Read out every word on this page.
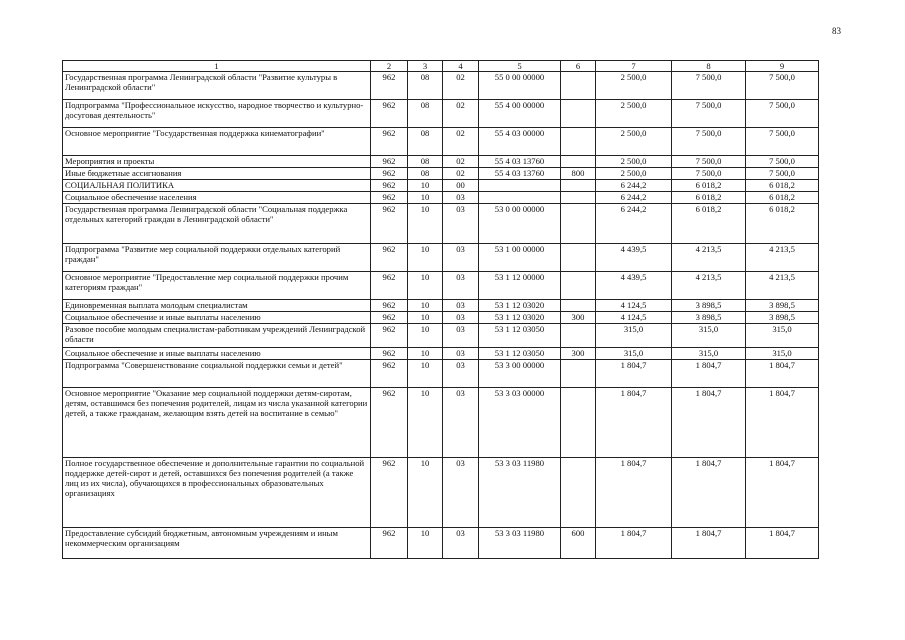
83
1	2	3	4	5	6	7	8	9
Государственная программа Ленинградской области "Развитие культуры в Ленинградской области"	962	08	02	55 0 00 00000		2 500,0	7 500,0	7 500,0
Подпрограмма "Профессиональное искусство, народное творчество и культурно-досуговая деятельность"	962	08	02	55 4 00 00000		2 500,0	7 500,0	7 500,0
Основное мероприятие "Государственная поддержка кинематографии"	962	08	02	55 4 03 00000		2 500,0	7 500,0	7 500,0
Мероприятия и проекты	962	08	02	55 4 03 13760		2 500,0	7 500,0	7 500,0
Иные бюджетные ассигнования	962	08	02	55 4 03 13760	800	2 500,0	7 500,0	7 500,0
СОЦИАЛЬНАЯ ПОЛИТИКА	962	10	00			6 244,2	6 018,2	6 018,2
Социальное обеспечение населения	962	10	03			6 244,2	6 018,2	6 018,2
Государственная программа Ленинградской области "Социальная поддержка отдельных категорий граждан в Ленинградской области"	962	10	03	53 0 00 00000		6 244,2	6 018,2	6 018,2
Подпрограмма "Развитие мер социальной поддержки отдельных категорий граждан"	962	10	03	53 1 00 00000		4 439,5	4 213,5	4 213,5
Основное мероприятие "Предоставление мер социальной поддержки прочим категориям граждан"	962	10	03	53 1 12 00000		4 439,5	4 213,5	4 213,5
Единовременная выплата молодым специалистам	962	10	03	53 1 12 03020		4 124,5	3 898,5	3 898,5
Социальное обеспечение и иные выплаты населению	962	10	03	53 1 12 03020	300	4 124,5	3 898,5	3 898,5
Разовое пособие молодым специалистам-работникам учреждений Ленинградской области	962	10	03	53 1 12 03050		315,0	315,0	315,0
Социальное обеспечение и иные выплаты населению	962	10	03	53 1 12 03050	300	315,0	315,0	315,0
Подпрограмма "Совершенствование социальной поддержки семьи и детей"	962	10	03	53 3 00 00000		1 804,7	1 804,7	1 804,7
Основное мероприятие "Оказание мер социальной поддержки детям-сиротам, детям, оставшимся без попечения родителей, лицам из числа указанной категории детей, а также гражданам, желающим взять детей на воспитание в семью"	962	10	03	53 3 03 00000		1 804,7	1 804,7	1 804,7
Полное государственное обеспечение и дополнительные гарантии по социальной поддержке детей-сирот и детей, оставшихся без попечения родителей (а также лиц из их числа), обучающихся в профессиональных образовательных организациях	962	10	03	53 3 03 11980		1 804,7	1 804,7	1 804,7
Предоставление субсидий бюджетным, автономным учреждениям и иным некоммерческим организациям	962	10	03	53 3 03 11980	600	1 804,7	1 804,7	1 804,7
